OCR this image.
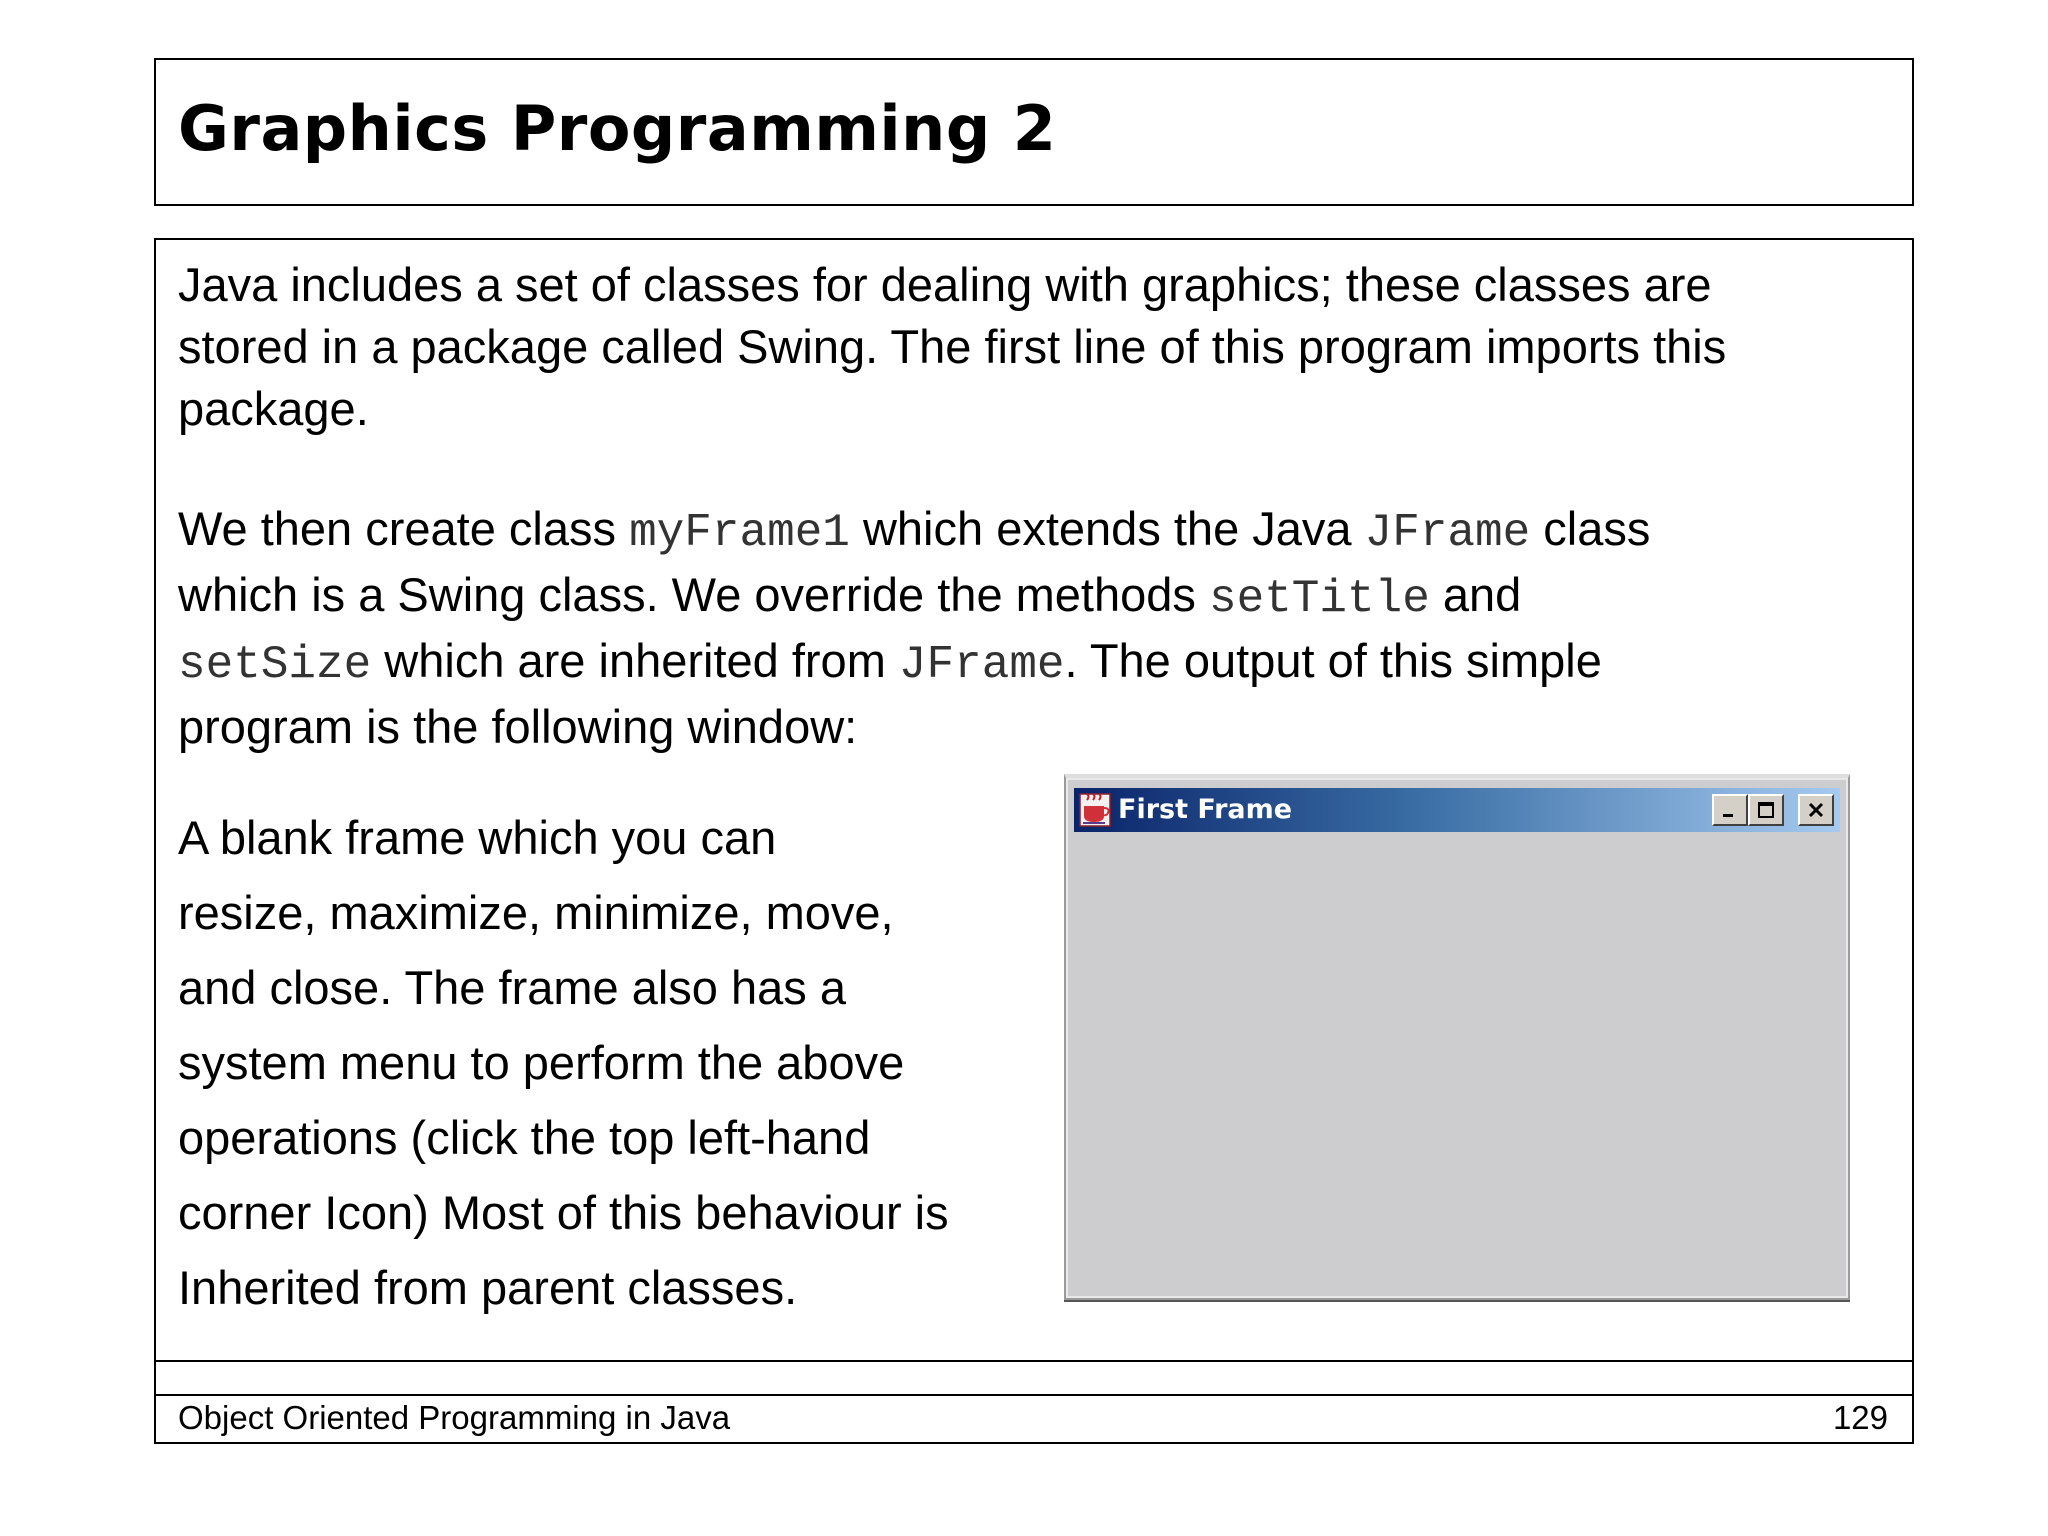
Graphics Programming 2

Java includes a set of classes for dealing with graphics; these classes are
stored in a package called Swing. The first line of this program imports this
package.

We then create class myFrame1 which extends the Java JFrame class
which is a Swing class. We override the methods setTitle and
setSize which are inherited from JFrame. The output of this simple
program is the following window:

A blank frame which you can
resize, maximize, minimize, move,
and close. The frame also has a
system menu to perform the above
operations (click the top left-hand
corner Icon) Most of this behaviour is
Inherited from parent classes.

Object Oriented Programming in Java	129
First Frame
